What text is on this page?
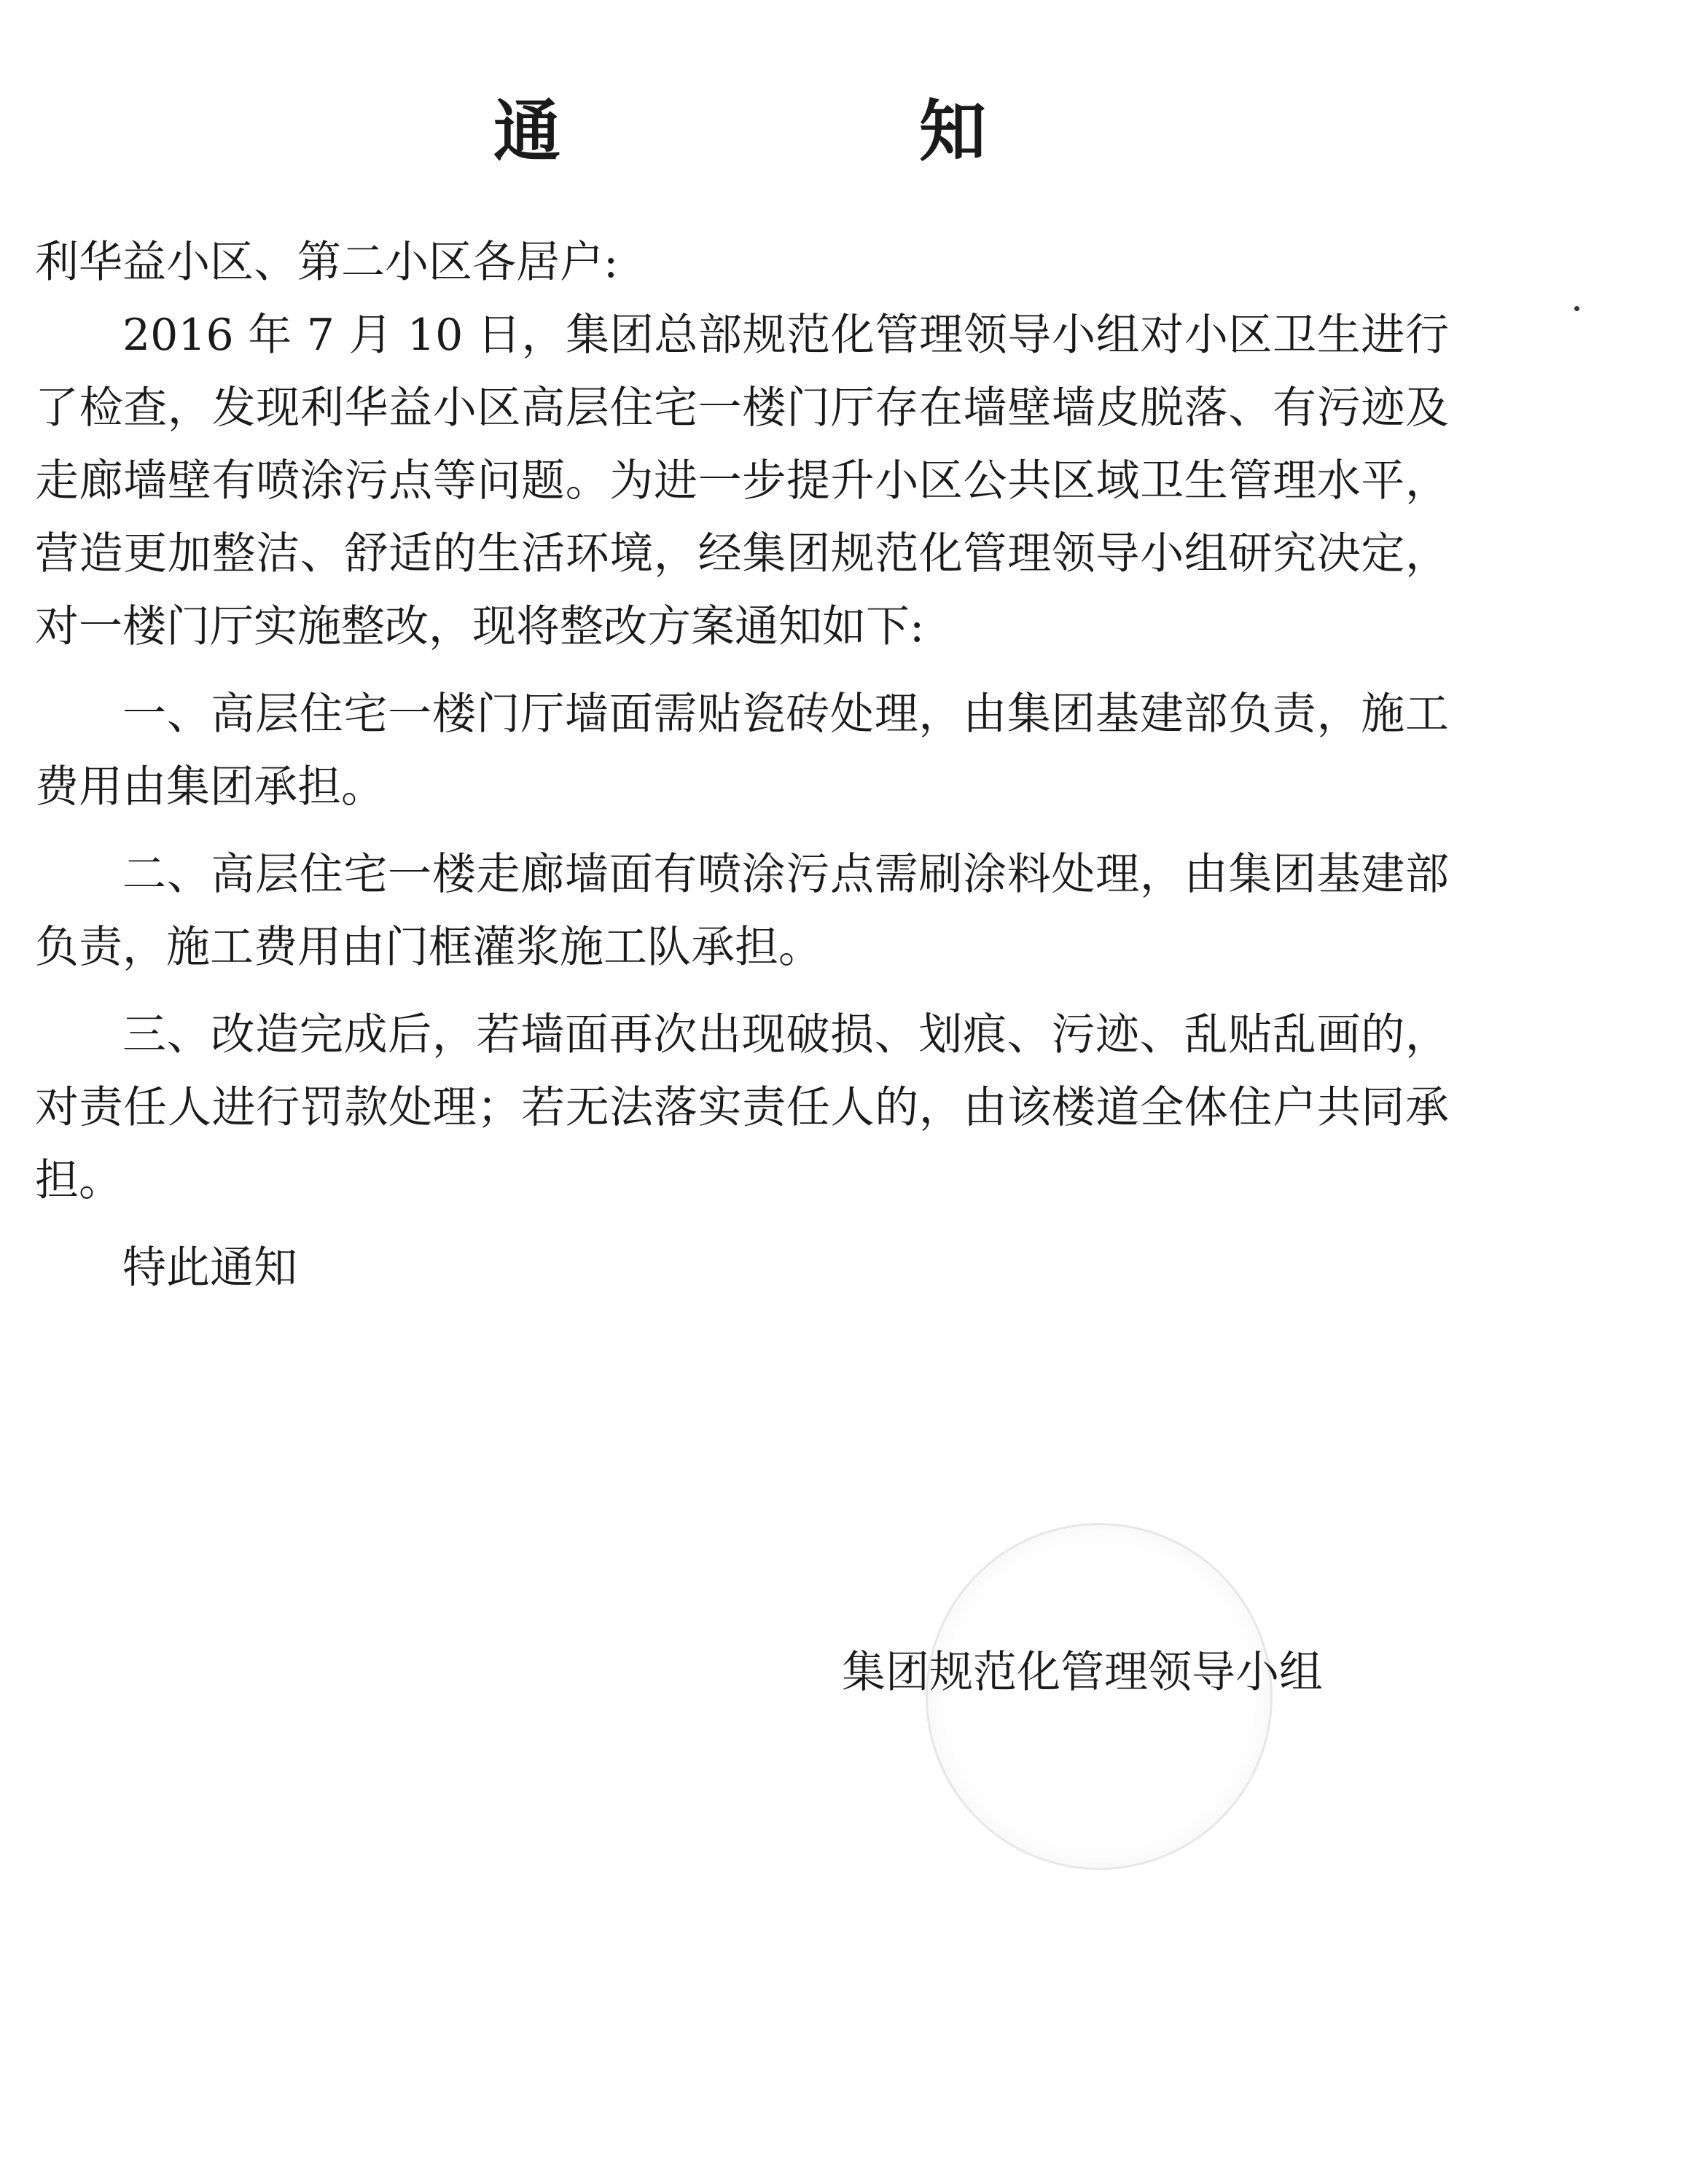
通　知

利华益小区、第二小区各居户:

2016 年 7 月 10 日，集团总部规范化管理领导小组对小区卫生进行了检查，发现利华益小区高层住宅一楼门厅存在墙壁墙皮脱落、有污迹及走廊墙壁有喷涂污点等问题。为进一步提升小区公共区域卫生管理水平，营造更加整洁、舒适的生活环境，经集团规范化管理领导小组研究决定，对一楼门厅实施整改，现将整改方案通知如下:

一、高层住宅一楼门厅墙面需贴瓷砖处理，由集团基建部负责，施工费用由集团承担。

二、高层住宅一楼走廊墙面有喷涂污点需刷涂料处理，由集团基建部负责，施工费用由门框灌浆施工队承担。

三、改造完成后，若墙面再次出现破损、划痕、污迹、乱贴乱画的，对责任人进行罚款处理；若无法落实责任人的，由该楼道全体住户共同承担。

特此通知

集团规范化管理领导小组
